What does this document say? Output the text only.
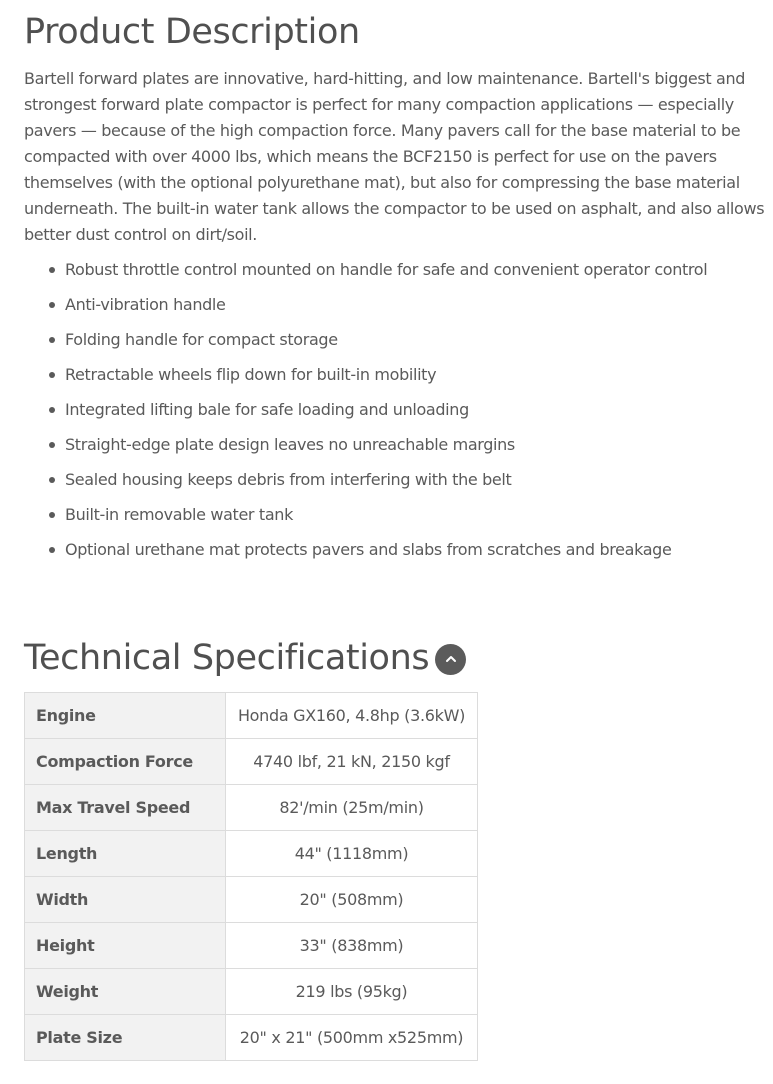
Product Description

Bartell forward plates are innovative, hard-hitting, and low maintenance. Bartell's biggest and strongest forward plate compactor is perfect for many compaction applications — especially pavers — because of the high compaction force. Many pavers call for the base material to be compacted with over 4000 lbs, which means the BCF2150 is perfect for use on the pavers themselves (with the optional polyurethane mat), but also for compressing the base material underneath. The built-in water tank allows the compactor to be used on asphalt, and also allows better dust control on dirt/soil.

Robust throttle control mounted on handle for safe and convenient operator control
Anti-vibration handle
Folding handle for compact storage
Retractable wheels flip down for built-in mobility
Integrated lifting bale for safe loading and unloading
Straight-edge plate design leaves no unreachable margins
Sealed housing keeps debris from interfering with the belt
Built-in removable water tank
Optional urethane mat protects pavers and slabs from scratches and breakage
Technical Specifications
Engine	Honda GX160, 4.8hp (3.6kW)
Compaction Force	4740 lbf, 21 kN, 2150 kgf
Max Travel Speed	82'/min (25m/min)
Length	44" (1118mm)
Width	20" (508mm)
Height	33" (838mm)
Weight	219 lbs (95kg)
Plate Size	20" x 21" (500mm x525mm)
